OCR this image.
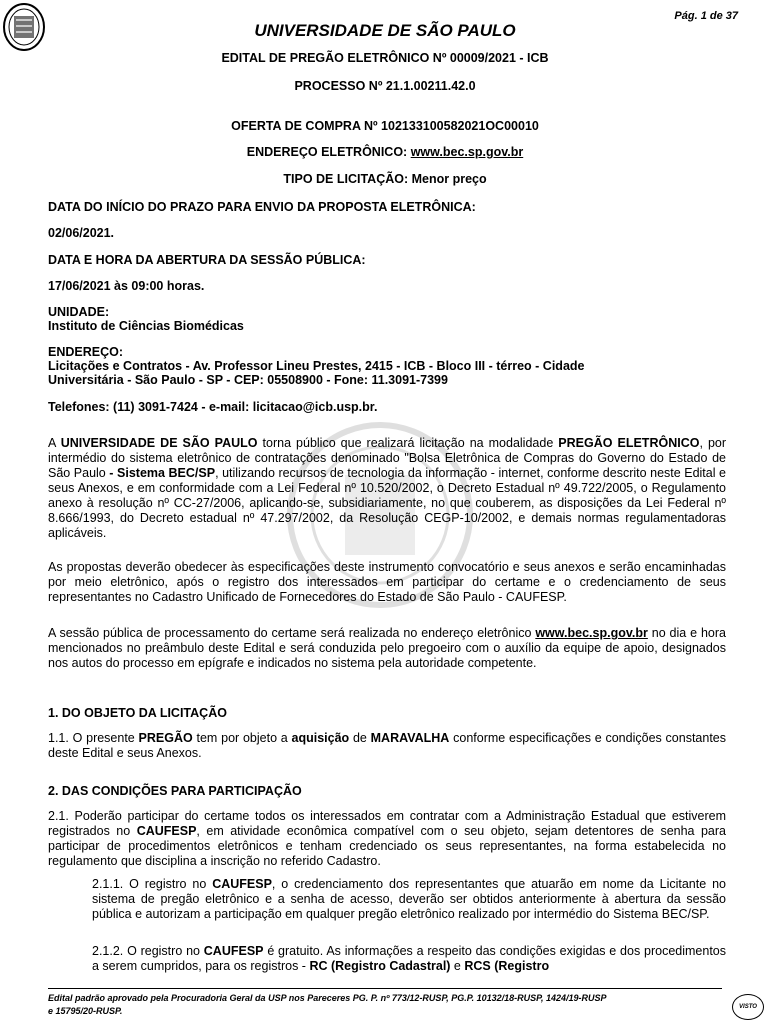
Pág. 1 de 37
UNIVERSIDADE DE SÃO PAULO
EDITAL DE PREGÃO ELETRÔNICO Nº 00009/2021 - ICB
PROCESSO Nº 21.1.00211.42.0
OFERTA DE COMPRA Nº 102133100582021OC00010
ENDEREÇO ELETRÔNICO: www.bec.sp.gov.br
TIPO DE LICITAÇÃO: Menor preço
DATA DO INÍCIO DO PRAZO PARA ENVIO DA PROPOSTA ELETRÔNICA:
02/06/2021.
DATA E HORA DA ABERTURA DA SESSÃO PÚBLICA:
17/06/2021 às 09:00 horas.
UNIDADE:
Instituto de Ciências Biomédicas
ENDEREÇO:
Licitações e Contratos - Av. Professor Lineu Prestes, 2415 - ICB - Bloco III - térreo - Cidade
Universitária - São Paulo - SP - CEP: 05508900 - Fone: 11.3091-7399
Telefones: (11) 3091-7424 - e-mail: licitacao@icb.usp.br.

A UNIVERSIDADE DE SÃO PAULO torna público que realizará licitação na modalidade PREGÃO ELETRÔNICO, por intermédio do sistema eletrônico de contratações denominado "Bolsa Eletrônica de Compras do Governo do Estado de São Paulo - Sistema BEC/SP, utilizando recursos de tecnologia da informação - internet, conforme descrito neste Edital e seus Anexos, e em conformidade com a Lei Federal nº 10.520/2002, o Decreto Estadual nº 49.722/2005, o Regulamento anexo à resolução nº CC-27/2006, aplicando-se, subsidiariamente, no que couberem, as disposições da Lei Federal nº 8.666/1993, do Decreto estadual nº 47.297/2002, da Resolução CEGP-10/2002, e demais normas regulamentadoras aplicáveis.

As propostas deverão obedecer às especificações deste instrumento convocatório e seus anexos e serão encaminhadas por meio eletrônico, após o registro dos interessados em participar do certame e o credenciamento de seus representantes no Cadastro Unificado de Fornecedores do Estado de São Paulo - CAUFESP.

A sessão pública de processamento do certame será realizada no endereço eletrônico www.bec.sp.gov.br no dia e hora mencionados no preâmbulo deste Edital e será conduzida pelo pregoeiro com o auxílio da equipe de apoio, designados nos autos do processo em epígrafe e indicados no sistema pela autoridade competente.

1. DO OBJETO DA LICITAÇÃO

1.1. O presente PREGÃO tem por objeto a aquisição de MARAVALHA conforme especificações e condições constantes deste Edital e seus Anexos.

2. DAS CONDIÇÕES PARA PARTICIPAÇÃO

2.1. Poderão participar do certame todos os interessados em contratar com a Administração Estadual que estiverem registrados no CAUFESP, em atividade econômica compatível com o seu objeto, sejam detentores de senha para participar de procedimentos eletrônicos e tenham credenciado os seus representantes, na forma estabelecida no regulamento que disciplina a inscrição no referido Cadastro.

2.1.1. O registro no CAUFESP, o credenciamento dos representantes que atuarão em nome da Licitante no sistema de pregão eletrônico e a senha de acesso, deverão ser obtidos anteriormente à abertura da sessão pública e autorizam a participação em qualquer pregão eletrônico realizado por intermédio do Sistema BEC/SP.

2.1.2. O registro no CAUFESP é gratuito. As informações a respeito das condições exigidas e dos procedimentos a serem cumpridos, para os registros - RC (Registro Cadastral) e RCS (Registro

Edital padrão aprovado pela Procuradoria Geral da USP nos Pareceres PG. P. nº 773/12-RUSP, PG.P. 10132/18-RUSP, 1424/19-RUSP
e 15795/20-RUSP.	VISTO
